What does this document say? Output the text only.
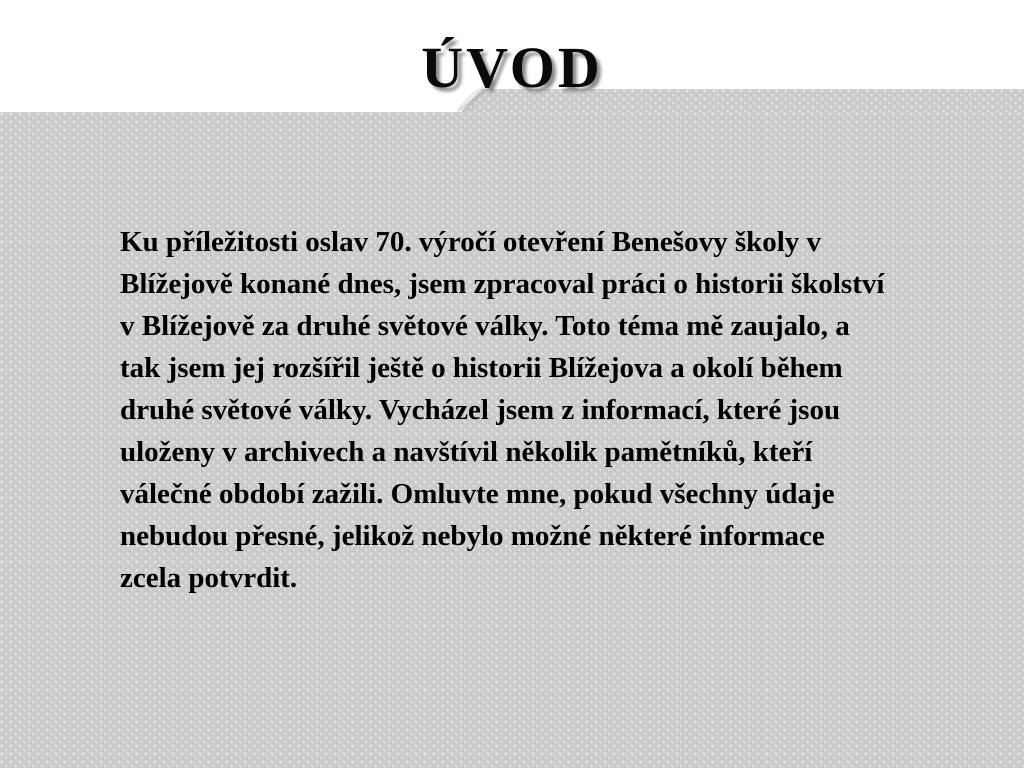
ÚVOD
Ku příležitosti oslav 70. výročí otevření Benešovy školy v
Blížejově konané dnes, jsem zpracoval práci o historii školství
v Blížejově za druhé světové války. Toto téma mě zaujalo, a
tak jsem jej rozšířil ještě o historii Blížejova a okolí během
druhé světové války. Vycházel jsem z informací, které jsou
uloženy v archivech a navštívil několik pamětníků, kteří
válečné období zažili. Omluvte mne, pokud všechny údaje
nebudou přesné, jelikož nebylo možné některé informace
zcela potvrdit.
